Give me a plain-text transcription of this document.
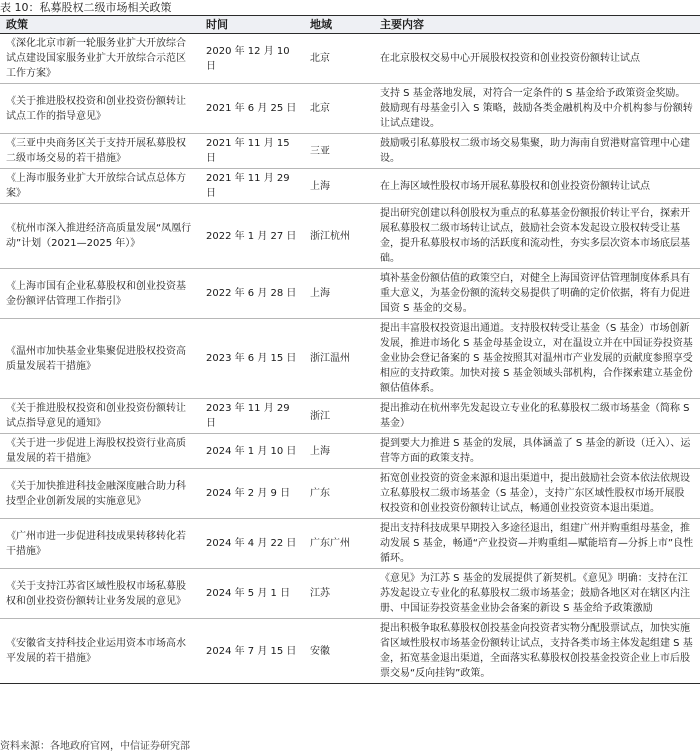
表 10：私募股权二级市场相关政策
政策	时间	地域	主要内容
《深化北京市新一轮服务业扩大开放综合试点建设国家服务业扩大开放综合示范区工作方案》	2020 年 12 月 10 日	北京	在北京股权交易中心开展股权投资和创业投资份额转让试点
《关于推进股权投资和创业投资份额转让试点工作的指导意见》	2021 年 6 月 25 日	北京	支持 S 基金落地发展，对符合一定条件的 S 基金给予政策资金奖励。鼓励现有母基金引入 S 策略，鼓励各类金融机构及中介机构参与份额转让试点建设。
《三亚中央商务区关于支持开展私募股权二级市场交易的若干措施》	2021 年 11 月 15 日	三亚	鼓励吸引私募股权二级市场交易集聚，助力海南自贸港财富管理中心建设。
《上海市服务业扩大开放综合试点总体方案》	2021 年 11 月 29 日	上海	在上海区域性股权市场开展私募股权和创业投资份额转让试点
《杭州市深入推进经济高质量发展“凤凰行动”计划（2021—2025 年）》	2022 年 1 月 27 日	浙江杭州	提出研究创建以科创股权为重点的私募基金份额报价转让平台，探索开展私募股权二级市场转让试点，鼓励社会资本发起设立股权转受让基金，提升私募股权市场的活跃度和流动性，夯实多层次资本市场底层基础。
《上海市国有企业私募股权和创业投资基金份额评估管理工作指引》	2022 年 6 月 28 日	上海	填补基金份额估值的政策空白，对健全上海国资评估管理制度体系具有重大意义，为基金份额的流转交易提供了明确的定价依据，将有力促进国资 S 基金的交易。
《温州市加快基金业集聚促进股权投资高质量发展若干措施》	2023 年 6 月 15 日	浙江温州	提出丰富股权投资退出通道。支持股权转受让基金（S 基金）市场创新发展，推进市场化 S 基金母基金设立，对在温设立并在中国证券投资基金业协会登记备案的 S 基金按照其对温州市产业发展的贡献度参照享受相应的支持政策。加快对接 S 基金领域头部机构，合作探索建立基金份额估值体系。
《关于推进股权投资和创业投资份额转让试点指导意见的通知》	2023 年 11 月 29 日	浙江	提出推动在杭州率先发起设立专业化的私募股权二级市场基金（简称 S 基金）
《关于进一步促进上海股权投资行业高质量发展的若干措施》	2024 年 1 月 10 日	上海	提到要大力推进 S 基金的发展，具体涵盖了 S 基金的新设（迁入）、运营等方面的政策支持。
《关于加快推进科技金融深度融合助力科技型企业创新发展的实施意见》	2024 年 2 月 9 日	广东	拓宽创业投资的资金来源和退出渠道中，提出鼓励社会资本依法依规设立私募股权二级市场基金（S 基金），支持广东区域性股权市场开展股权投资和创业投资份额转让试点，畅通创业投资资本退出渠道。
《广州市进一步促进科技成果转移转化若干措施》	2024 年 4 月 22 日	广东广州	提出支持科技成果早期投入多途径退出，组建广州并购重组母基金，推动发展 S 基金，畅通“产业投资—并购重组—赋能培育—分拆上市”良性循环。
《关于支持江苏省区域性股权市场私募股权和创业投资份额转让业务发展的意见》	2024 年 5 月 1 日	江苏	《意见》为江苏 S 基金的发展提供了新契机。《意见》明确：支持在江苏发起设立专业化的私募股权二级市场基金；鼓励各地区对在辖区内注册、中国证券投资基金业协会备案的新设 S 基金给予政策激励
《安徽省支持科技企业运用资本市场高水平发展的若干措施》	2024 年 7 月 15 日	安徽	提出积极争取私募股权创投基金向投资者实物分配股票试点，加快实施省区域性股权市场基金份额转让试点，支持各类市场主体发起组建 S 基金，拓宽基金退出渠道，全面落实私募股权创投基金投资企业上市后股票交易“反向挂钩”政策。
资料来源：各地政府官网，中信证券研究部
